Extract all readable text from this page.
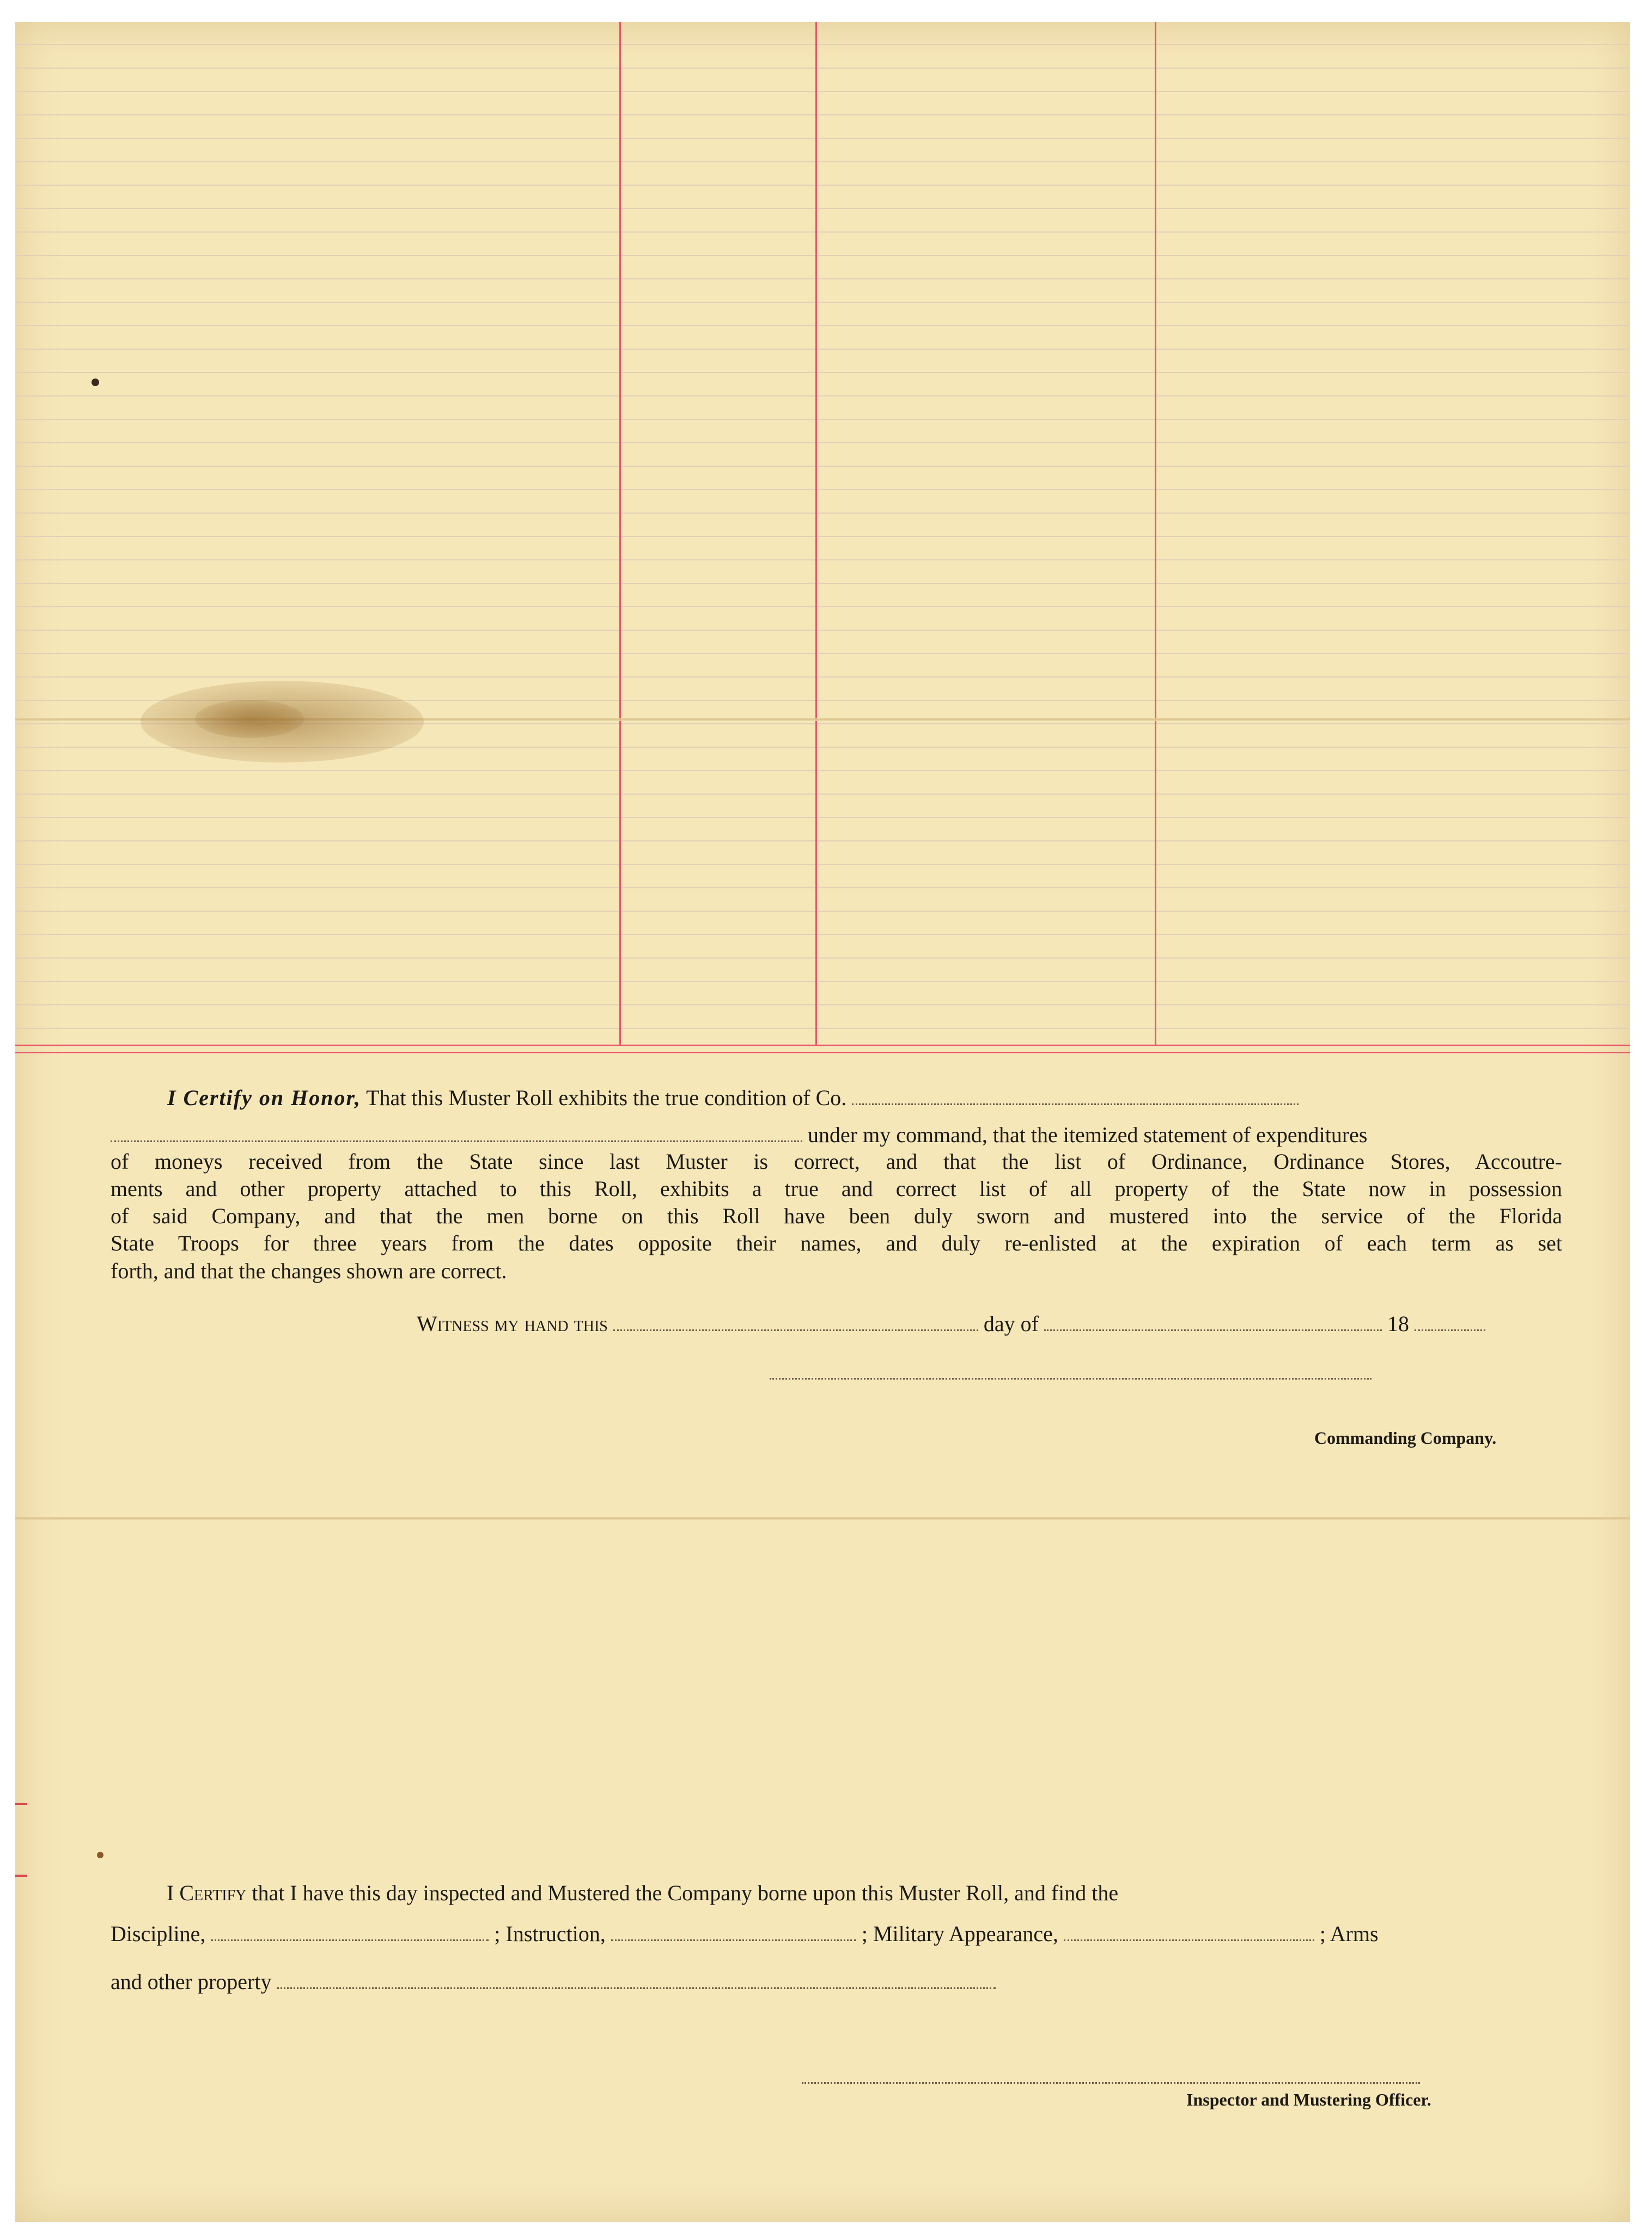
I Certify on Honor, That this Muster Roll exhibits the true condition of Co.

under my command, that the itemized statement of expenditures

of moneys received from the State since last Muster is correct, and that the list of Ordinance, Ordinance Stores, Accoutre-

ments and other property attached to this Roll, exhibits a true and correct list of all property of the State now in possession

of said Company, and that the men borne on this Roll have been duly sworn and mustered into the service of the Florida

State Troops for three years from the dates opposite their names, and duly re-enlisted at the expiration of each term as set

forth, and that the changes shown are correct.

Witness my hand this	day of	18

Commanding Company.

I Certify that I have this day inspected and Mustered the Company borne upon this Muster Roll, and find the

Discipline,	; Instruction,	; Military Appearance,	; Arms

and other property

Inspector and Mustering Officer.
